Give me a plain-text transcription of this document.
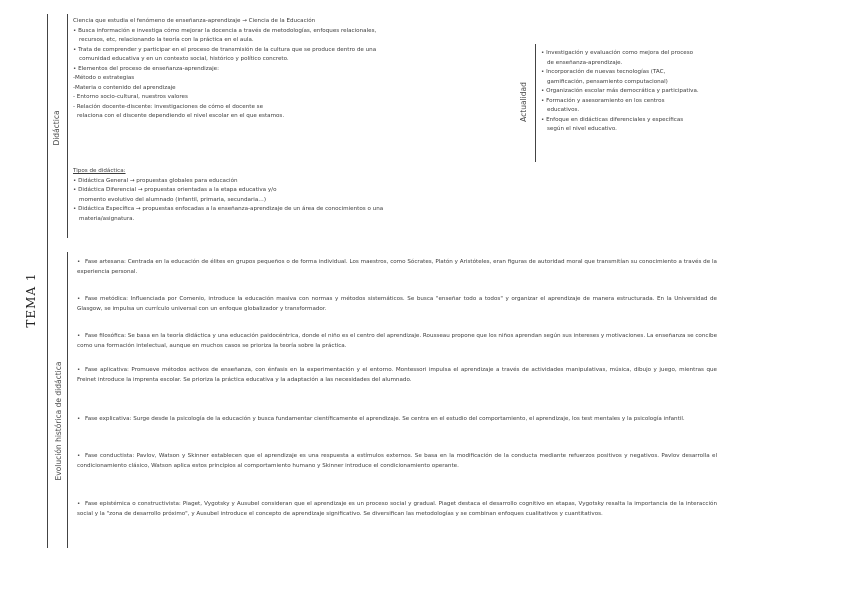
TEMA 1
Didáctica

Ciencia que estudia el fenómeno de enseñanza-aprendizaje → Ciencia de la Educación

• Busca información e investiga cómo mejorar la docencia a través de metodologías, enfoques relacionales,

recursos, etc, relacionando la teoría con la práctica en el aula.

• Trata de comprender y participar en el proceso de transmisión de la cultura que se produce dentro de una

comunidad educativa y en un contexto social, histórico y político concreto.

• Elementos del proceso de enseñanza-aprendizaje:

-Método o estrategias

-Materia o contenido del aprendizaje

- Entorno socio-cultural, nuestros valores

- Relación docente-discente: investigaciones de cómo el docente se

relaciona con el discente dependiendo el nivel escolar en el que estamos.

Tipos de didáctica:

• Didáctica General → propuestas globales para educación

• Didáctica Diferencial → propuestas orientadas a la etapa educativa y/o

momento evolutivo del alumnado (infantil, primaria, secundaria…)

• Didáctica Específica → propuestas enfocadas a la enseñanza-aprendizaje de un área de conocimientos o una

materia/asignatura.

Actualidad

• Investigación y evaluación como mejora del proceso

de enseñanza-aprendizaje.

• Incorporación de nuevas tecnologías (TAC,

gamificación, pensamiento computacional)

• Organización escolar más democrática y participativa.

• Formación y asesoramiento en los centros

educativos.

• Enfoque en didácticas diferenciales y específicas

según el nivel educativo.

Evolución histórica de didáctica
• Fase artesana: Centrada en la educación de élites en grupos pequeños o de forma individual. Los maestros, como Sócrates, Platón y Aristóteles, eran figuras de autoridad moral que transmitían su conocimiento a través de la experiencia personal.
• Fase metódica: Influenciada por Comenio, introduce la educación masiva con normas y métodos sistemáticos. Se busca "enseñar todo a todos" y organizar el aprendizaje de manera estructurada. En la Universidad de Glasgow, se impulsa un currículo universal con un enfoque globalizador y transformador.
• Fase filosófica: Se basa en la teoría didáctica y una educación paidocéntrica, donde el niño es el centro del aprendizaje. Rousseau propone que los niños aprendan según sus intereses y motivaciones. La enseñanza se concibe como una formación intelectual, aunque en muchos casos se prioriza la teoría sobre la práctica.
• Fase aplicativa: Promueve métodos activos de enseñanza, con énfasis en la experimentación y el entorno. Montessori impulsa el aprendizaje a través de actividades manipulativas, música, dibujo y juego, mientras que Freinet introduce la imprenta escolar. Se prioriza la práctica educativa y la adaptación a las necesidades del alumnado.
• Fase explicativa: Surge desde la psicología de la educación y busca fundamentar científicamente el aprendizaje. Se centra en el estudio del comportamiento, el aprendizaje, los test mentales y la psicología infantil.
• Fase conductista: Pavlov, Watson y Skinner establecen que el aprendizaje es una respuesta a estímulos externos. Se basa en la modificación de la conducta mediante refuerzos positivos y negativos. Pavlov desarrolla el condicionamiento clásico, Watson aplica estos principios al comportamiento humano y Skinner introduce el condicionamiento operante.
• Fase epistémica o constructivista: Piaget, Vygotsky y Ausubel consideran que el aprendizaje es un proceso social y gradual. Piaget destaca el desarrollo cognitivo en etapas, Vygotsky resalta la importancia de la interacción social y la "zona de desarrollo próximo", y Ausubel introduce el concepto de aprendizaje significativo. Se diversifican las metodologías y se combinan enfoques cualitativos y cuantitativos.
